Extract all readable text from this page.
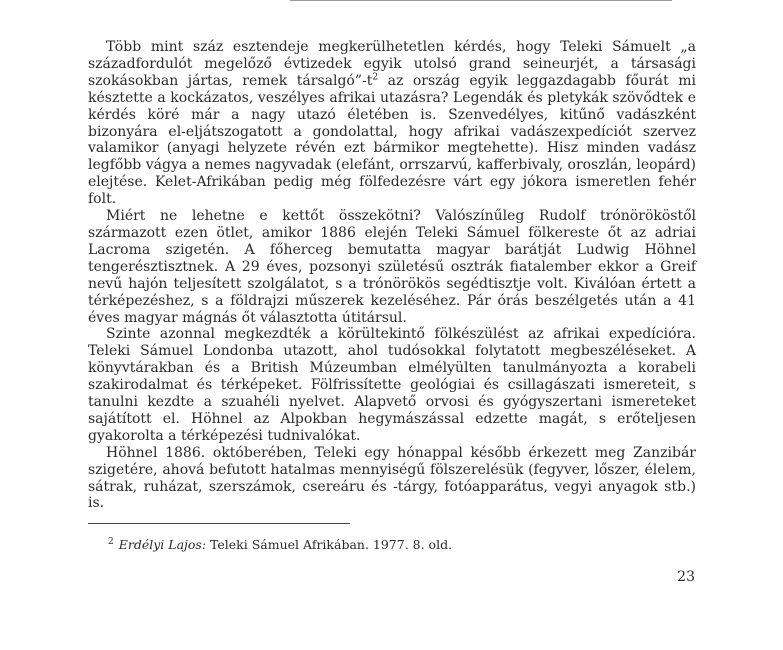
Több mint száz esztendeje megkerülhetetlen kérdés, hogy Teleki Sámuelt „a századfordulót megelőző évtizedek egyik utolsó grand seineurjét, a társasági szokásokban jártas, remek társalgó”-t$^2$ az ország egyik leggazdagabb főurát mi késztette a kockázatos, veszélyes afrikai utazásra? Legendák és pletykák szövődtek e kérdés köré már a nagy utazó életében is. Szenvedélyes, kitűnő vadászként bizonyára el-eljátszogatott a gondolattal, hogy afrikai vadászexpedíciót szervez valamikor (anyagi helyzete révén ezt bármikor megtehette). Hisz minden vadász legfőbb vágya a nemes nagyvadak (elefánt, orrszarvú, kafferbivaly, oroszlán, leopárd) elejtése. Kelet-Afrikában pedig még fölfedezésre várt egy jókora ismeretlen fehér folt.

Miért ne lehetne e kettőt összekötni? Valószínűleg Rudolf trónörököstől származott ezen ötlet, amikor 1886 elején Teleki Sámuel fölkereste őt az adriai Lacroma szigetén. A főherceg bemutatta magyar barátját Ludwig Höhnel tengerésztisztnek. A 29 éves, pozsonyi születésű osztrák fiatalember ekkor a Greif nevű hajón teljesített szolgálatot, s a trónörökös segédtisztje volt. Kiválóan értett a térképezéshez, s a földrajzi műszerek kezeléséhez. Pár órás beszélgetés után a 41 éves magyar mágnás őt választotta útitársul.

Szinte azonnal megkezdték a körültekintő fölkészülést az afrikai expedícióra. Teleki Sámuel Londonba utazott, ahol tudósokkal folytatott megbeszéléseket. A könyvtárakban és a British Múzeumban elmélyülten tanulmányozta a korabeli szakirodalmat és térképeket. Fölfrissítette geológiai és csillagászati ismereteit, s tanulni kezdte a szuahéli nyelvet. Alapvető orvosi és gyógyszertani ismereteket sajátított el. Höhnel az Alpokban hegymászással edzette magát, s erőteljesen gyakorolta a térképezési tudnivalókat.

Höhnel 1886. októberében, Teleki egy hónappal később érkezett meg Zanzibár szigetére, ahová befutott hatalmas mennyiségű fölszerelésük (fegyver, lőszer, élelem, sátrak, ruházat, szerszámok, csereáru és -tárgy, fotóapparátus, vegyi anyagok stb.) is.

$^2$ Erdélyi Lajos: Teleki Sámuel Afrikában. 1977. 8. old.
23
